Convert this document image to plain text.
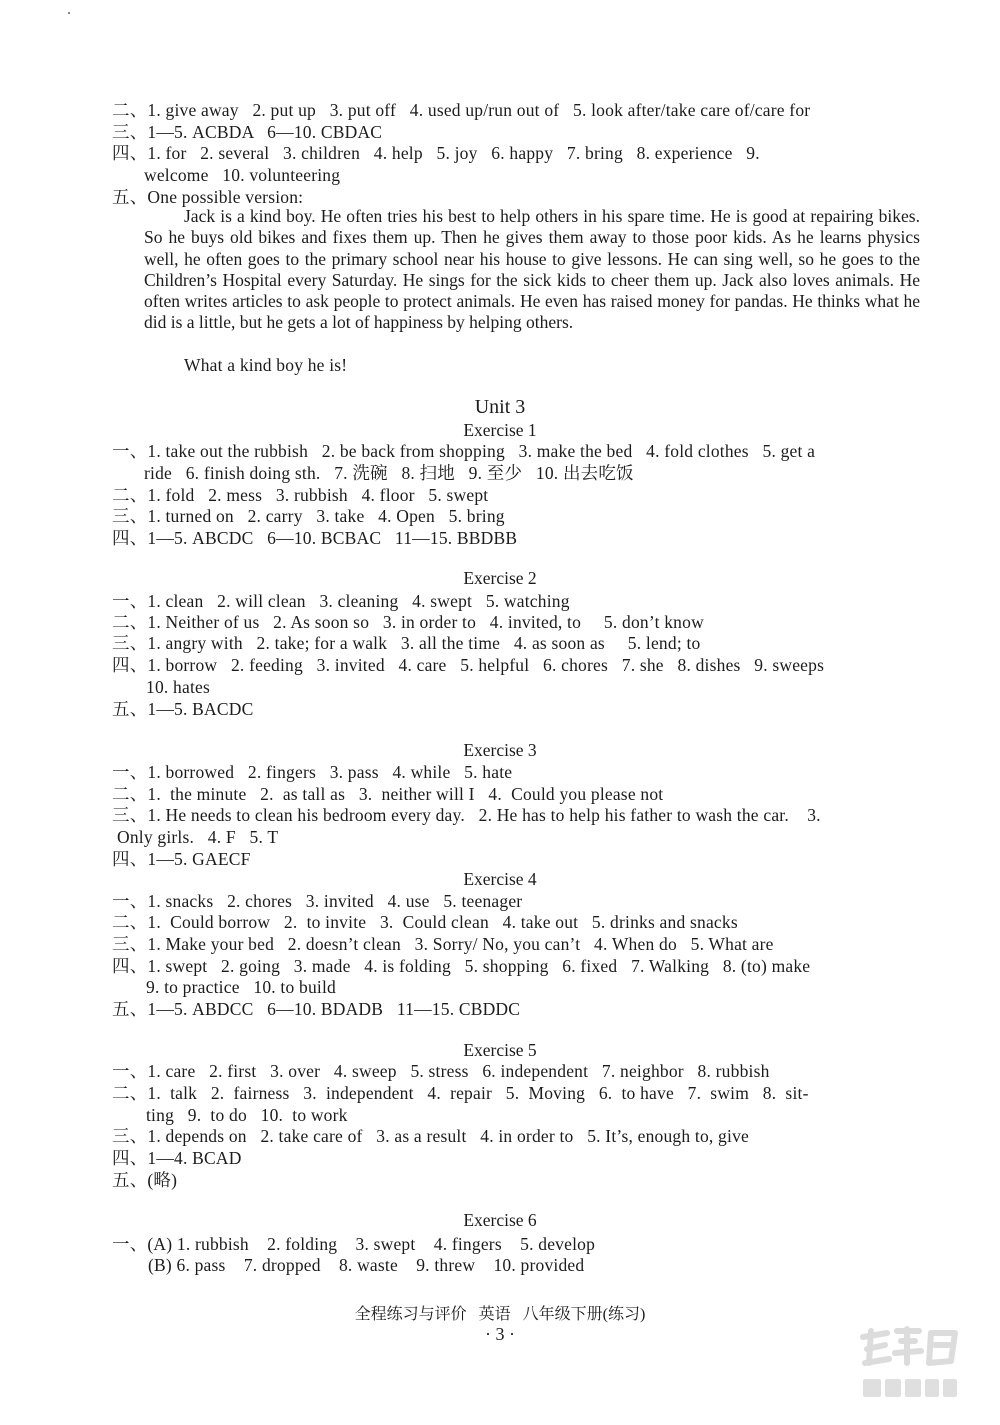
二、1. give away   2. put up   3. put off   4. used up/run out of   5. look after/take care of/care for
三、1—5. ACBDA   6—10. CBDAC
四、1. for   2. several   3. children   4. help   5. joy   6. happy   7. bring   8. experience   9.
welcome   10. volunteering
五、One possible version:
Jack is a kind boy. He often tries his best to help others in his spare time. He is good at repairing bikes. So he buys old bikes and fixes them up. Then he gives them away to those poor kids. As he learns physics well, he often goes to the primary school near his house to give lessons. He can sing well, so he goes to the Children’s Hospital every Saturday. He sings for the sick kids to cheer them up. Jack also loves animals. He often writes articles to ask people to protect animals. He even has raised money for pandas. He thinks what he did is a little, but he gets a lot of happiness by helping others.
What a kind boy he is!
Unit 3
Exercise 1
一、1. take out the rubbish   2. be back from shopping   3. make the bed   4. fold clothes   5. get a
ride   6. finish doing sth.   7. 洗碗   8. 扫地   9. 至少   10. 出去吃饭
二、1. fold   2. mess   3. rubbish   4. floor   5. swept
三、1. turned on   2. carry   3. take   4. Open   5. bring
四、1—5. ABCDC   6—10. BCBAC   11—15. BBDBB
Exercise 2
一、1. clean   2. will clean   3. cleaning   4. swept   5. watching
二、1. Neither of us   2. As soon so   3. in order to   4. invited, to     5. don’t know
三、1. angry with   2. take; for a walk   3. all the time   4. as soon as     5. lend; to
四、1. borrow   2. feeding   3. invited   4. care   5. helpful   6. chores   7. she   8. dishes   9. sweeps
10. hates
五、1—5. BACDC
Exercise 3
一、1. borrowed   2. fingers   3. pass   4. while   5. hate
二、1.  the minute   2.  as tall as   3.  neither will I   4.  Could you please not
三、1. He needs to clean his bedroom every day.   2. He has to help his father to wash the car.    3.
Only girls.   4. F   5. T
四、1—5. GAECF
Exercise 4
一、1. snacks   2. chores   3. invited   4. use   5. teenager
二、1.  Could borrow   2.  to invite   3.  Could clean   4. take out   5. drinks and snacks
三、1. Make your bed   2. doesn’t clean   3. Sorry/ No, you can’t   4. When do   5. What are
四、1. swept   2. going   3. made   4. is folding   5. shopping   6. fixed   7. Walking   8. (to) make
9. to practice   10. to build
五、1—5. ABDCC   6—10. BDADB   11—15. CBDDC
Exercise 5
一、1. care   2. first   3. over   4. sweep   5. stress   6. independent   7. neighbor   8. rubbish
二、1.  talk   2.  fairness   3.  independent   4.  repair   5.  Moving   6.  to have   7.  swim   8.  sit-
ting   9.  to do   10.  to work
三、1. depends on   2. take care of   3. as a result   4. in order to   5. It’s, enough to, give
四、1—4. BCAD
五、(略)
Exercise 6
一、(A) 1. rubbish    2. folding    3. swept    4. fingers    5. develop
(B) 6. pass    7. dropped    8. waste    9. threw    10. provided
全程练习与评价   英语   八年级下册(练习)
· 3 ·
